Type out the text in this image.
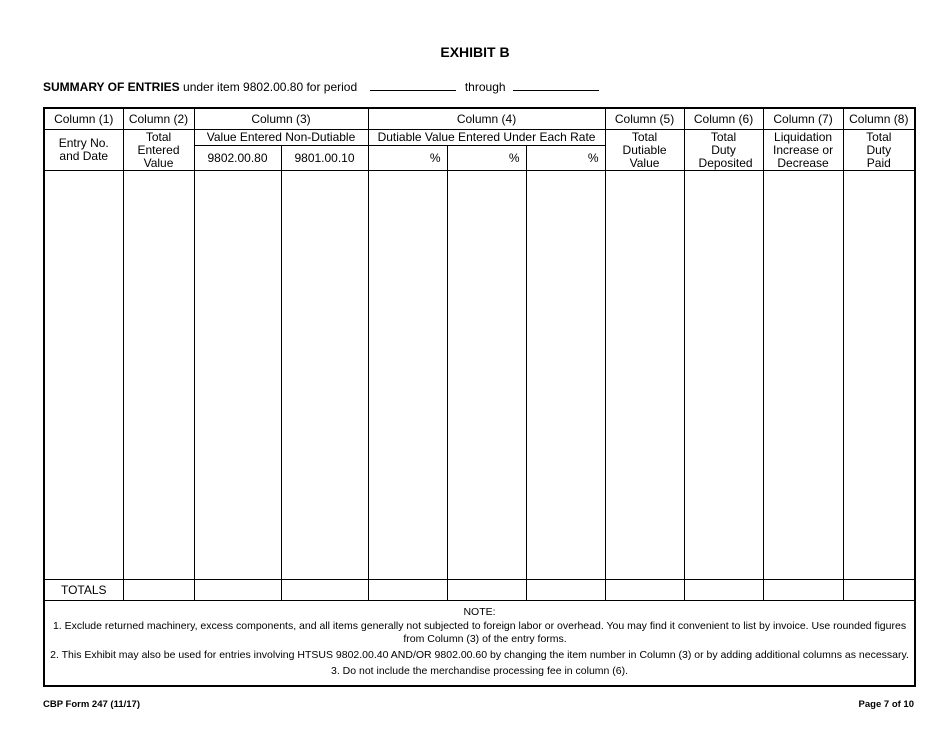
EXHIBIT B
SUMMARY OF ENTRIES under item 9802.00.80 for period	through
Column (1)	Column (2)	Column (3)		Column (4)			Column (5)	Column (6)	Column (7)	Column (8)
Entry No. and Date	Total Entered Value	Value Entered Non-Dutiable		Dutiable Value Entered Under Each Rate			Total Dutiable Value	Total Duty Deposited	Liquidation Increase or Decrease	Total Duty Paid
		9802.00.80	9801.00.10	%	%	%				

TOTALS										

NOTE:

1. Exclude returned machinery, excess components, and all items generally not subjected to foreign labor or overhead. You may find it convenient to list by invoice. Use rounded figures from Column (3) of the entry forms.

2. This Exhibit may also be used for entries involving HTSUS 9802.00.40 AND/OR 9802.00.60 by changing the item number in Column (3) or by adding additional columns as necessary.

3. Do not include the merchandise processing fee in column (6).										

CBP Form 247 (11/17)	Page 7 of 10
